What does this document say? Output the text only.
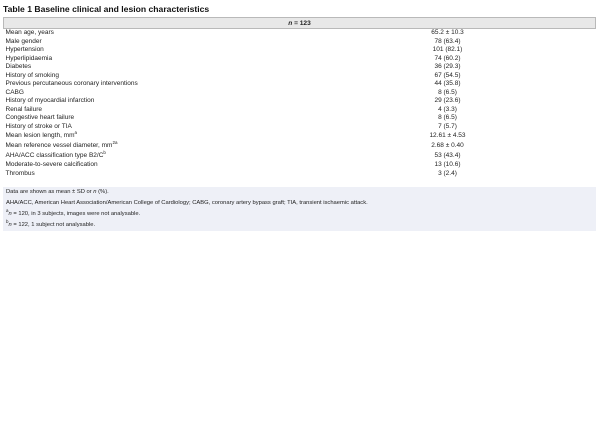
Table 1 Baseline clinical and lesion characteristics
n = 123	
Mean age, years	65.2 ± 10.3
Male gender	78 (63.4)
Hypertension	101 (82.1)
Hyperlipidaemia	74 (60.2)
Diabetes	36 (29.3)
History of smoking	67 (54.5)
Previous percutaneous coronary interventions	44 (35.8)
CABG	8 (6.5)
History of myocardial infarction	29 (23.6)
Renal failure	4 (3.3)
Congestive heart failure	8 (6.5)
History of stroke or TIA	7 (5.7)
Mean lesion length, $mm^a$	12.61 ± 4.53
Mean reference vessel diameter, $mm^{2a}$	2.68 ± 0.40
AHA/ACC classification type $B2/C^b$	53 (43.4)
Moderate-to-severe calcification	13 (10.6)
Thrombus	3 (2.4)
Data are shown as mean ± SD or n (%).
AHA/ACC, American Heart Association/American College of Cardiology; CABG, coronary artery bypass graft; TIA, transient ischaemic attack.
$^a$n = 120, in 3 subjects, images were not analysable.
$^b$n = 122, 1 subject not analysable.
